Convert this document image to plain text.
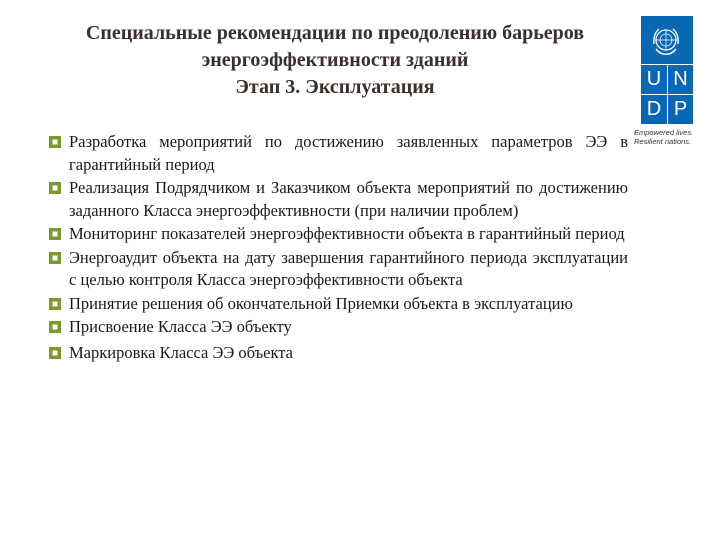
Специальные рекомендации по преодолению барьеров
энергоэффективности зданий
Этап 3. Эксплуатация	U N
D P
Empowered lives.
Resilient nations.
Разработка мероприятий по достижению заявленных параметров ЭЭ в гарантийный период
Реализация Подрядчиком и Заказчиком объекта мероприятий по достижению заданного Класса энергоэффективности (при наличии проблем)
Мониторинг показателей энергоэффективности объекта в гарантийный период
Энергоаудит объекта на дату завершения гарантийного периода эксплуатации с целью контроля Класса энергоэффективности объекта
Принятие решения об окончательной Приемки объекта в эксплуатацию
Присвоение Класса ЭЭ объекту
Маркировка Класса ЭЭ объекта
